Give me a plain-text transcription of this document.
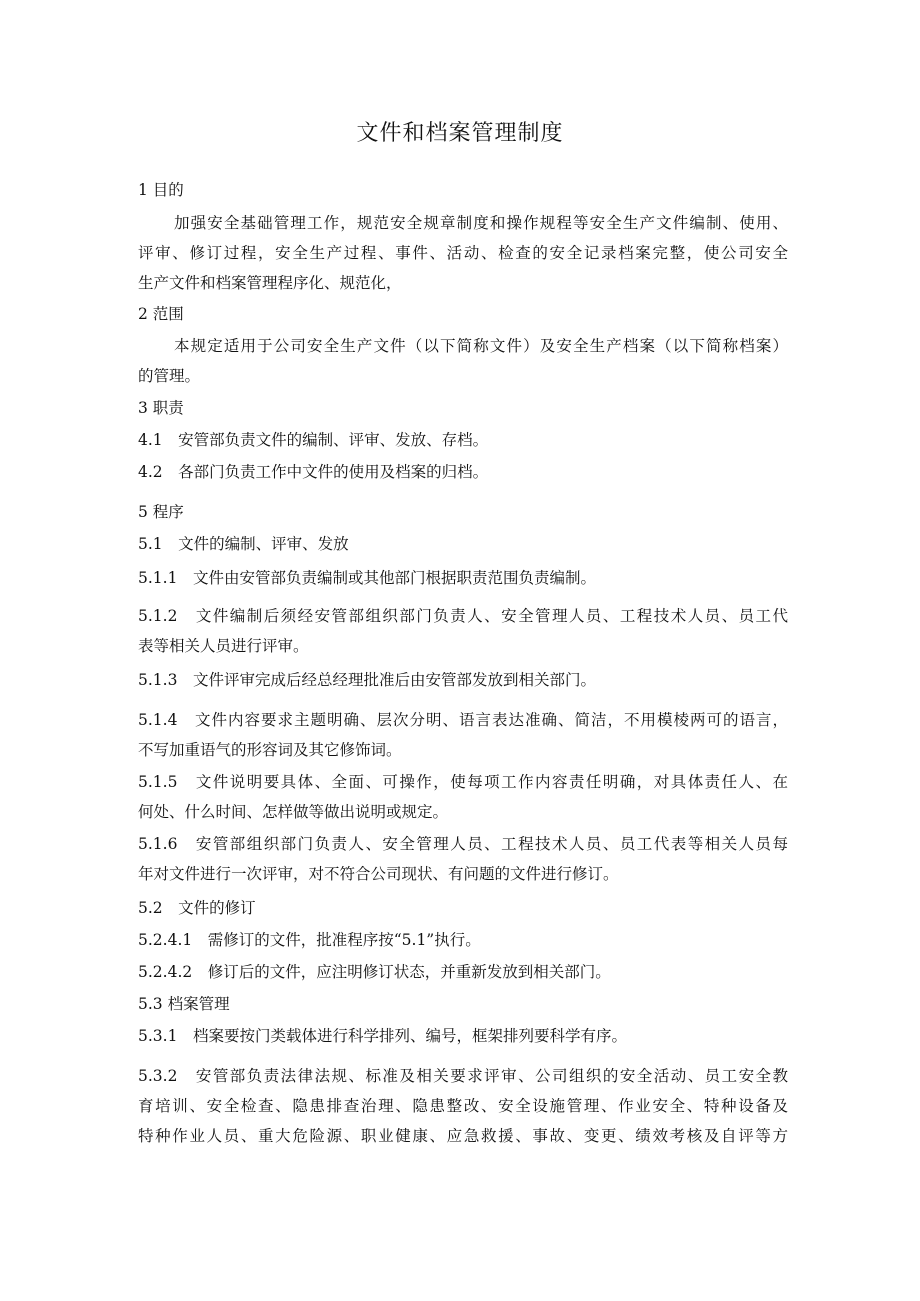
文件和档案管理制度
1 目的
加强安全基础管理工作，规范安全规章制度和操作规程等安全生产文件编制、使用、
评审、修订过程，安全生产过程、事件、活动、检查的安全记录档案完整，使公司安全
生产文件和档案管理程序化、规范化，
2 范围
本规定适用于公司安全生产文件（以下简称文件）及安全生产档案（以下简称档案）
的管理。
3 职责
4.1　安管部负责文件的编制、评审、发放、存档。
4.2　各部门负责工作中文件的使用及档案的归档。
5 程序
5.1　文件的编制、评审、发放
5.1.1　文件由安管部负责编制或其他部门根据职责范围负责编制。
5.1.2　文件编制后须经安管部组织部门负责人、安全管理人员、工程技术人员、员工代
表等相关人员进行评审。
5.1.3　文件评审完成后经总经理批准后由安管部发放到相关部门。
5.1.4　文件内容要求主题明确、层次分明、语言表达准确、简洁，不用模棱两可的语言，
不写加重语气的形容词及其它修饰词。
5.1.5　文件说明要具体、全面、可操作，使每项工作内容责任明确，对具体责任人、在
何处、什么时间、怎样做等做出说明或规定。
5.1.6　安管部组织部门负责人、安全管理人员、工程技术人员、员工代表等相关人员每
年对文件进行一次评审，对不符合公司现状、有问题的文件进行修订。
5.2　文件的修订
5.2.4.1　需修订的文件，批准程序按“5.1”执行。
5.2.4.2　修订后的文件，应注明修订状态，并重新发放到相关部门。
5.3 档案管理
5.3.1　档案要按门类载体进行科学排列、编号，框架排列要科学有序。
5.3.2　安管部负责法律法规、标准及相关要求评审、公司组织的安全活动、员工安全教
育培训、安全检查、隐患排查治理、隐患整改、安全设施管理、作业安全、特种设备及
特种作业人员、重大危险源、职业健康、应急救援、事故、变更、绩效考核及自评等方
